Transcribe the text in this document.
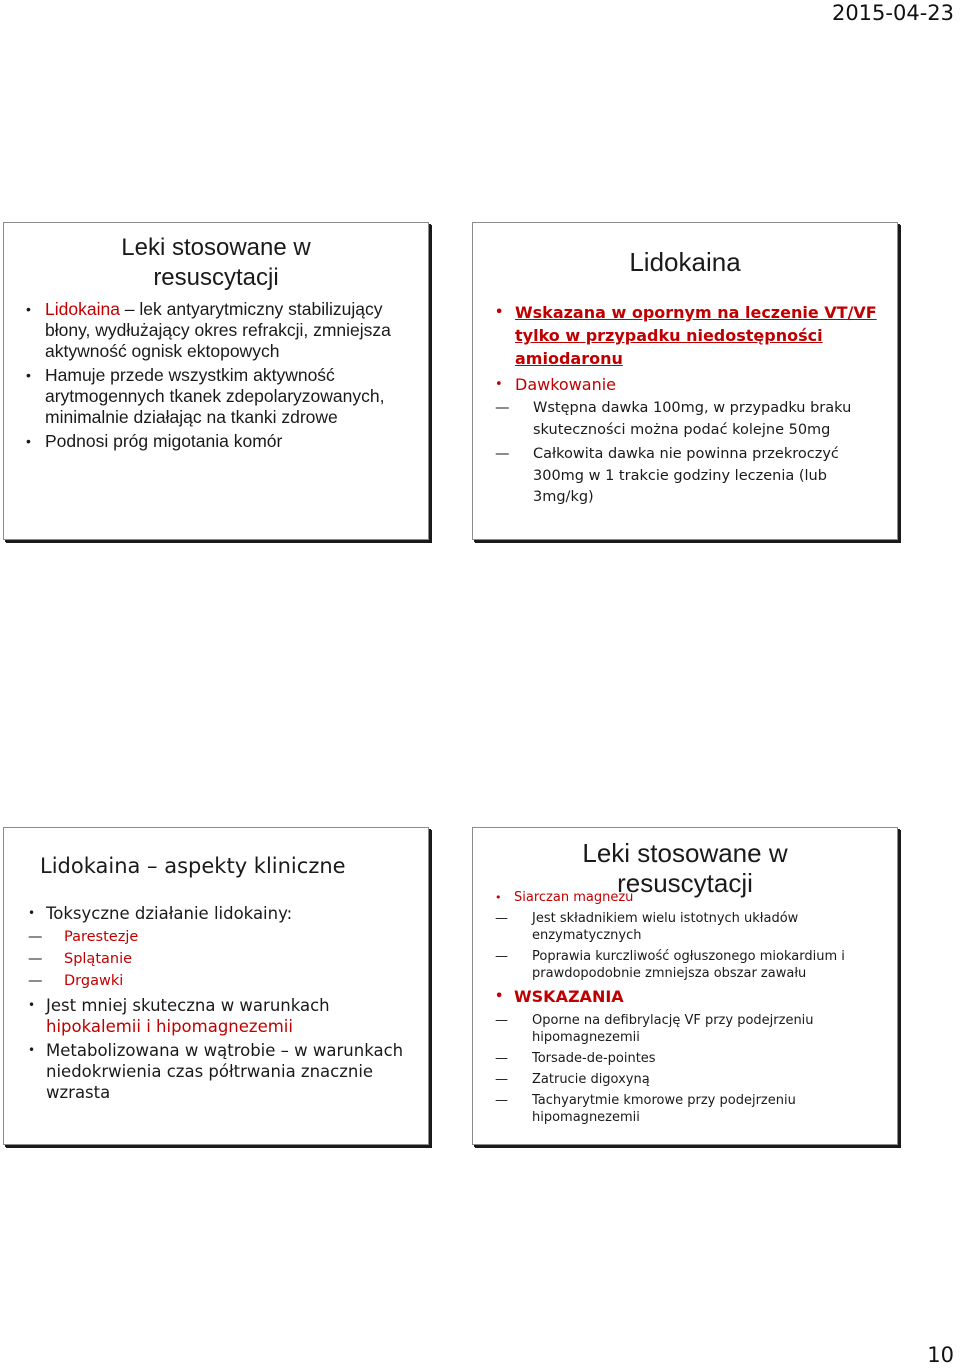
2015-04-23
Leki stosowane w resuscytacji
• Lidokaina – lek antyarytmiczny stabilizujący błony, wydłużający okres refrakcji, zmniejsza aktywność ognisk ektopowych
• Hamuje przede wszystkim aktywność arytmogennych tkanek zdepolaryzowanych, minimalnie działając na tkanki zdrowe
• Podnosi próg migotania komór
Lidokaina
• Wskazana w opornym na leczenie VT/VF tylko w przypadku niedostępności amiodaronu
• Dawkowanie
— Wstępna dawka 100mg, w przypadku braku skuteczności można podać kolejne 50mg
— Całkowita dawka nie powinna przekroczyć 300mg w 1 trakcie godziny leczenia (lub 3mg/kg)
Lidokaina – aspekty kliniczne
• Toksyczne działanie lidokainy:
— Parestezje
— Splątanie
— Drgawki
• Jest mniej skuteczna w warunkach hipokalemii i hipomagnezemii
• Metabolizowana w wątrobie – w warunkach niedokrwienia czas półtrwania znacznie wzrasta
Leki stosowane w resuscytacji
• Siarczan magnezu
— Jest składnikiem wielu istotnych układów enzymatycznych
— Poprawia kurczliwość ogłuszonego miokardium i prawdopodobnie zmniejsza obszar zawału
• WSKAZANIA
— Oporne na defibrylację VF przy podejrzeniu hipomagnezemii
— Torsade-de-pointes
— Zatrucie digoxyną
— Tachyarytmie kmorowe przy podejrzeniu hipomagnezemii
10
